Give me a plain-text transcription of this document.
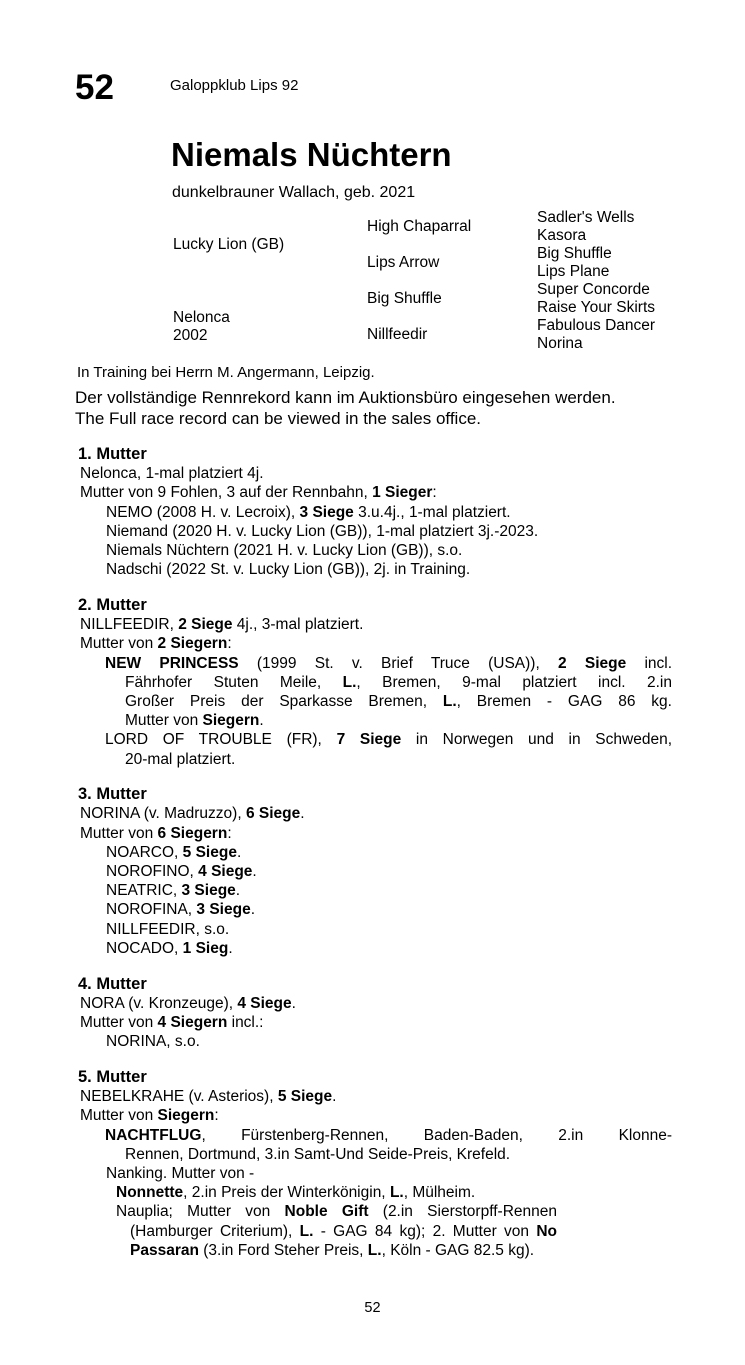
52	Galoppklub Lips 92
Niemals Nüchtern
dunkelbrauner Wallach, geb. 2021
Lucky Lion (GB)
Nelonca
2002
High Chaparral
Lips Arrow
Big Shuffle
Nillfeedir
Sadler's Wells
Kasora
Big Shuffle
Lips Plane
Super Concorde
Raise Your Skirts
Fabulous Dancer
Norina
In Training bei Herrn M. Angermann, Leipzig.
Der vollständige Rennrekord kann im Auktionsbüro eingesehen werden.
The Full race record can be viewed in the sales office.
1. Mutter
Nelonca, 1-mal platziert 4j.
Mutter von 9 Fohlen, 3 auf der Rennbahn, 1 Sieger:
NEMO (2008 H. v. Lecroix), 3 Siege 3.u.4j., 1-mal platziert.
Niemand (2020 H. v. Lucky Lion (GB)), 1-mal platziert 3j.-2023.
Niemals Nüchtern (2021 H. v. Lucky Lion (GB)), s.o.
Nadschi (2022 St. v. Lucky Lion (GB)), 2j. in Training.
2. Mutter
NILLFEEDIR, 2 Siege 4j., 3-mal platziert.
Mutter von 2 Siegern:
NEW PRINCESS (1999 St. v. Brief Truce (USA)), 2 Siege incl.
Fährhofer Stuten Meile, L., Bremen, 9-mal platziert incl. 2.in
Großer Preis der Sparkasse Bremen, L., Bremen - GAG 86 kg.
Mutter von Siegern.
LORD OF TROUBLE (FR), 7 Siege in Norwegen und in Schweden,
20-mal platziert.
3. Mutter
NORINA (v. Madruzzo), 6 Siege.
Mutter von 6 Siegern:
NOARCO, 5 Siege.
NOROFINO, 4 Siege.
NEATRIC, 3 Siege.
NOROFINA, 3 Siege.
NILLFEEDIR, s.o.
NOCADO, 1 Sieg.
4. Mutter
NORA (v. Kronzeuge), 4 Siege.
Mutter von 4 Siegern incl.:
NORINA, s.o.
5. Mutter
NEBELKRAHE (v. Asterios), 5 Siege.
Mutter von Siegern:
NACHTFLUG, Fürstenberg-Rennen, Baden-Baden, 2.in Klonne-
Rennen, Dortmund, 3.in Samt-Und Seide-Preis, Krefeld.
Nanking. Mutter von -
Nonnette, 2.in Preis der Winterkönigin, L., Mülheim.
Nauplia; Mutter von Noble Gift (2.in Sierstorpff-Rennen
(Hamburger Criterium), L. - GAG 84 kg); 2. Mutter von No
Passaran (3.in Ford Steher Preis, L., Köln - GAG 82.5 kg).
52
